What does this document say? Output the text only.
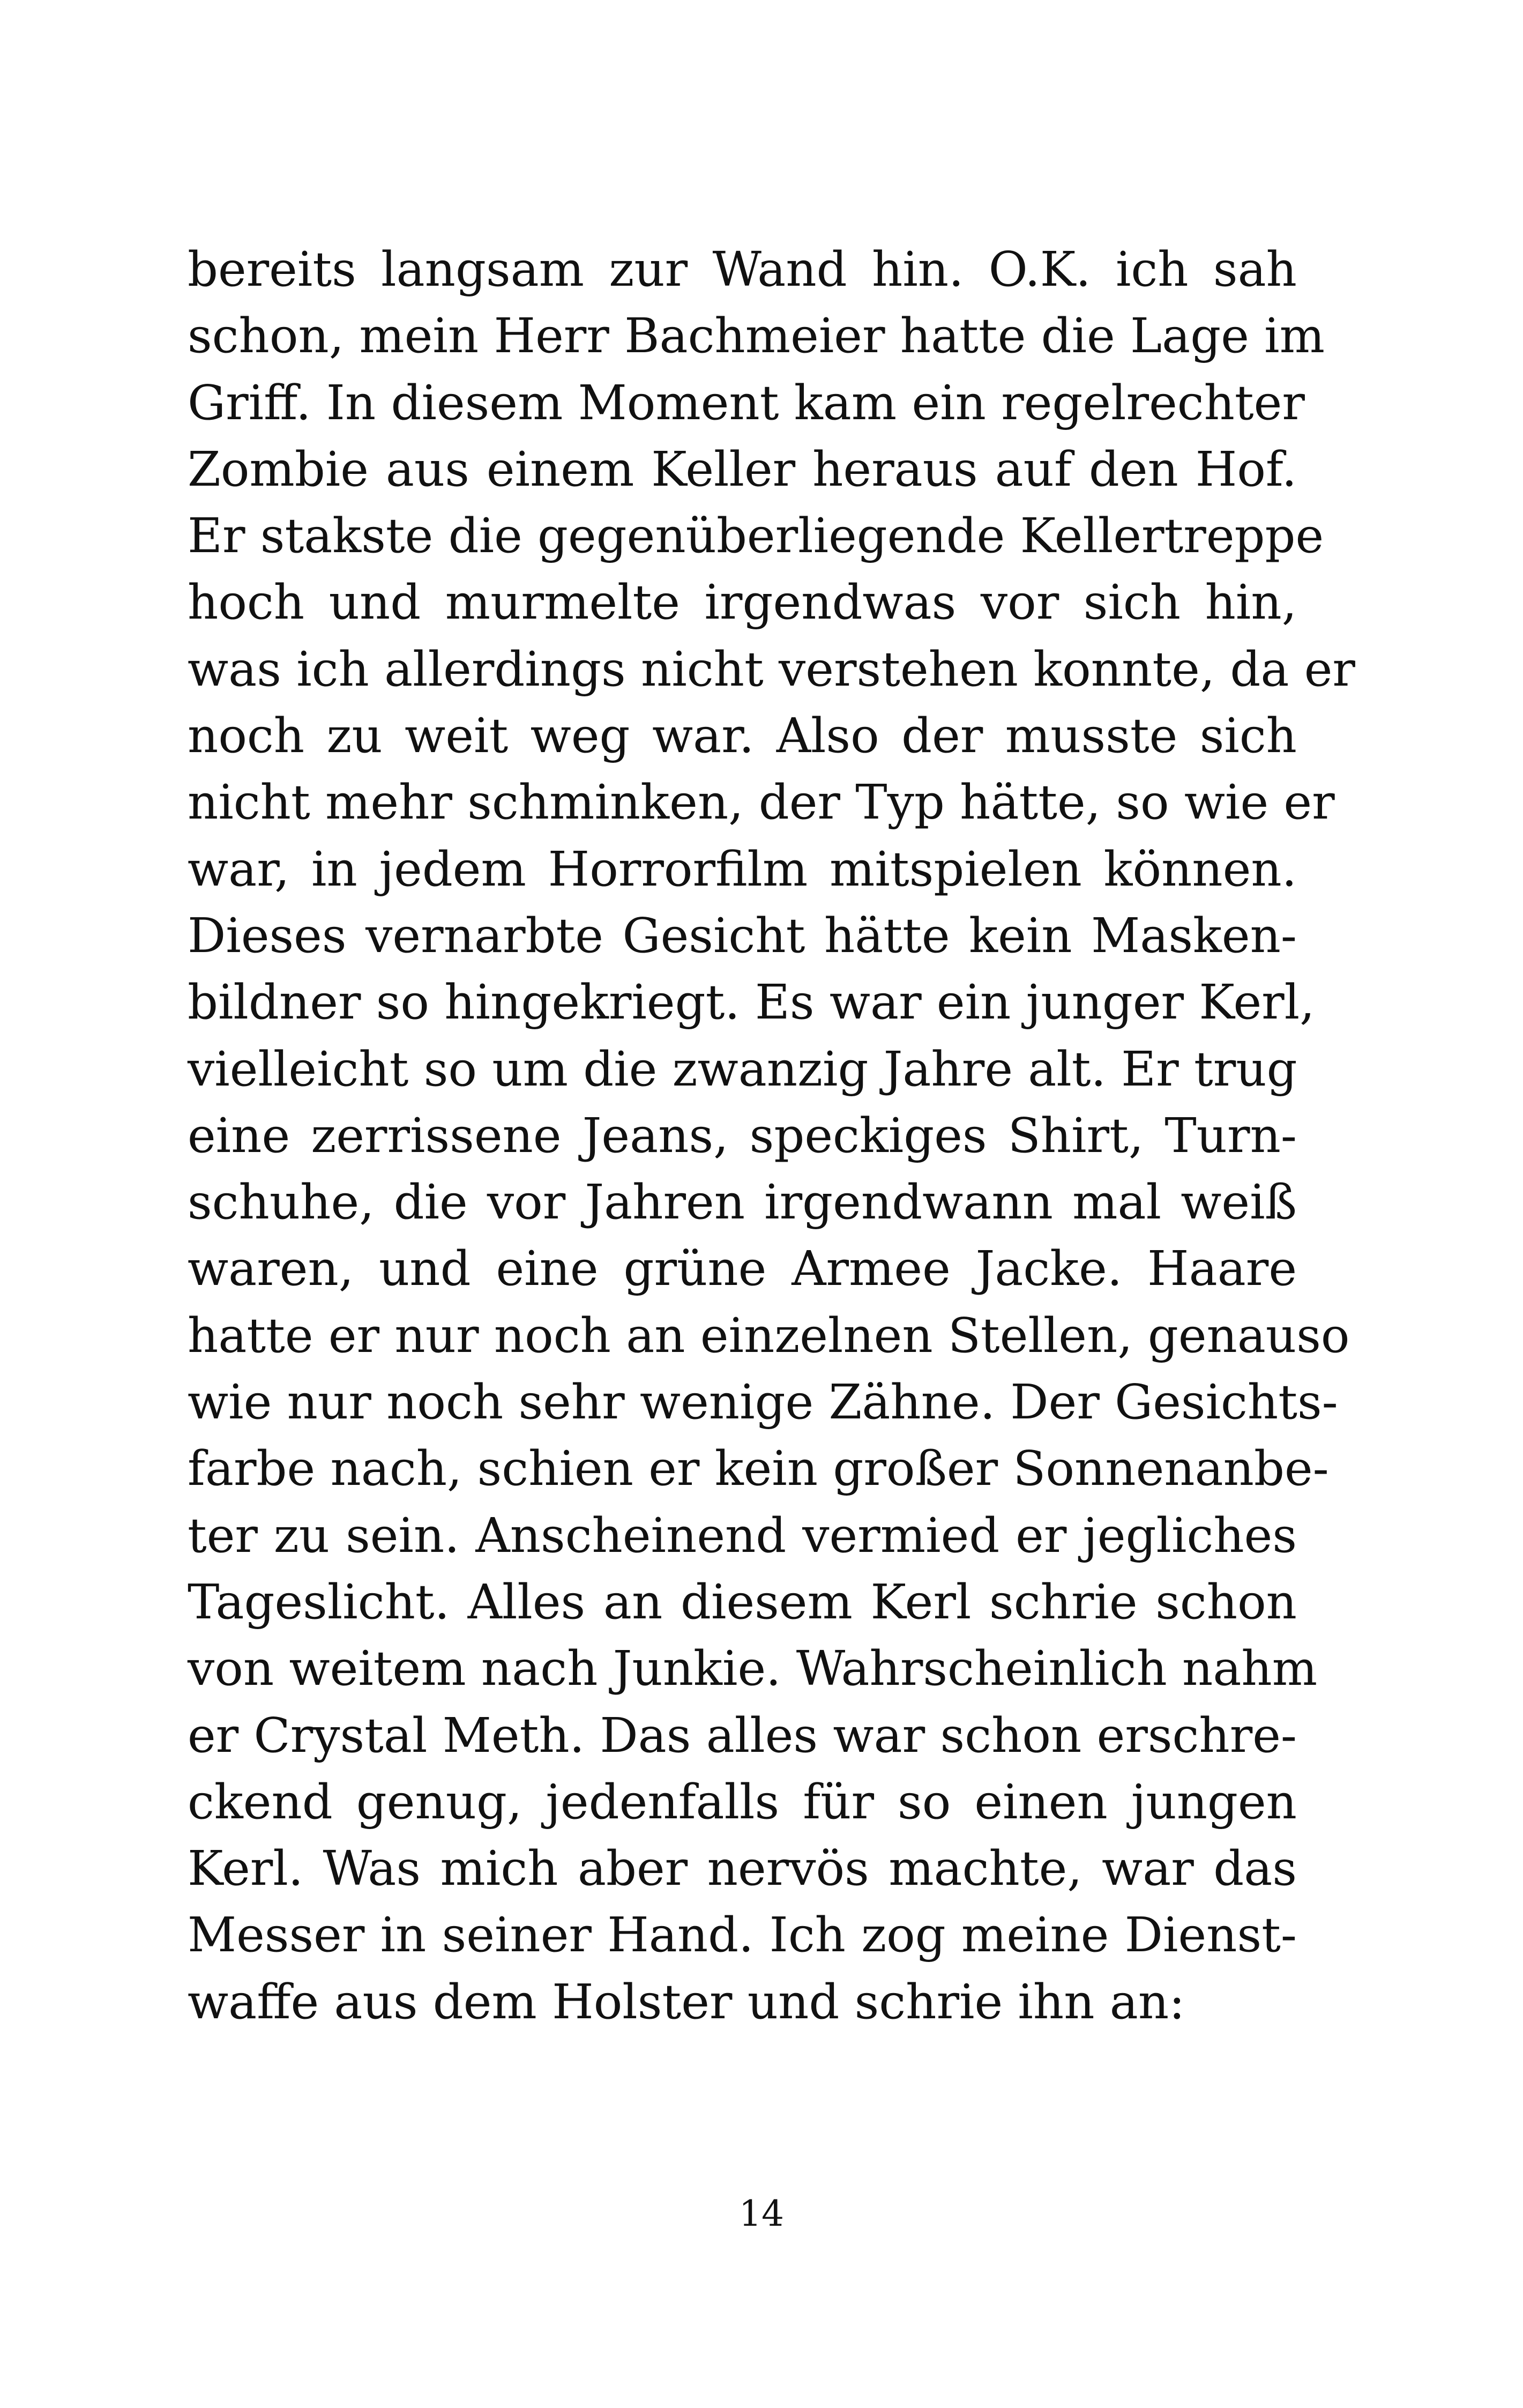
bereits langsam zur Wand hin. O.K. ich sah
schon, mein Herr Bachmeier hatte die Lage im
Griff. In diesem Moment kam ein regelrechter
Zombie aus einem Keller heraus auf den Hof.
Er stakste die gegenüberliegende Kellertreppe
hoch und murmelte irgendwas vor sich hin,
was ich allerdings nicht verstehen konnte, da er
noch zu weit weg war. Also der musste sich
nicht mehr schminken, der Typ hätte, so wie er
war, in jedem Horrorfilm mitspielen können.
Dieses vernarbte Gesicht hätte kein Masken-
bildner so hingekriegt. Es war ein junger Kerl,
vielleicht so um die zwanzig Jahre alt. Er trug
eine zerrissene Jeans, speckiges Shirt, Turn-
schuhe, die vor Jahren irgendwann mal weiß
waren, und eine grüne Armee Jacke. Haare
hatte er nur noch an einzelnen Stellen, genauso
wie nur noch sehr wenige Zähne. Der Gesichts-
farbe nach, schien er kein großer Sonnenanbe-
ter zu sein. Anscheinend vermied er jegliches
Tageslicht. Alles an diesem Kerl schrie schon
von weitem nach Junkie. Wahrscheinlich nahm
er Crystal Meth. Das alles war schon erschre-
ckend genug, jedenfalls für so einen jungen
Kerl. Was mich aber nervös machte, war das
Messer in seiner Hand. Ich zog meine Dienst-
waffe aus dem Holster und schrie ihn an:
14
